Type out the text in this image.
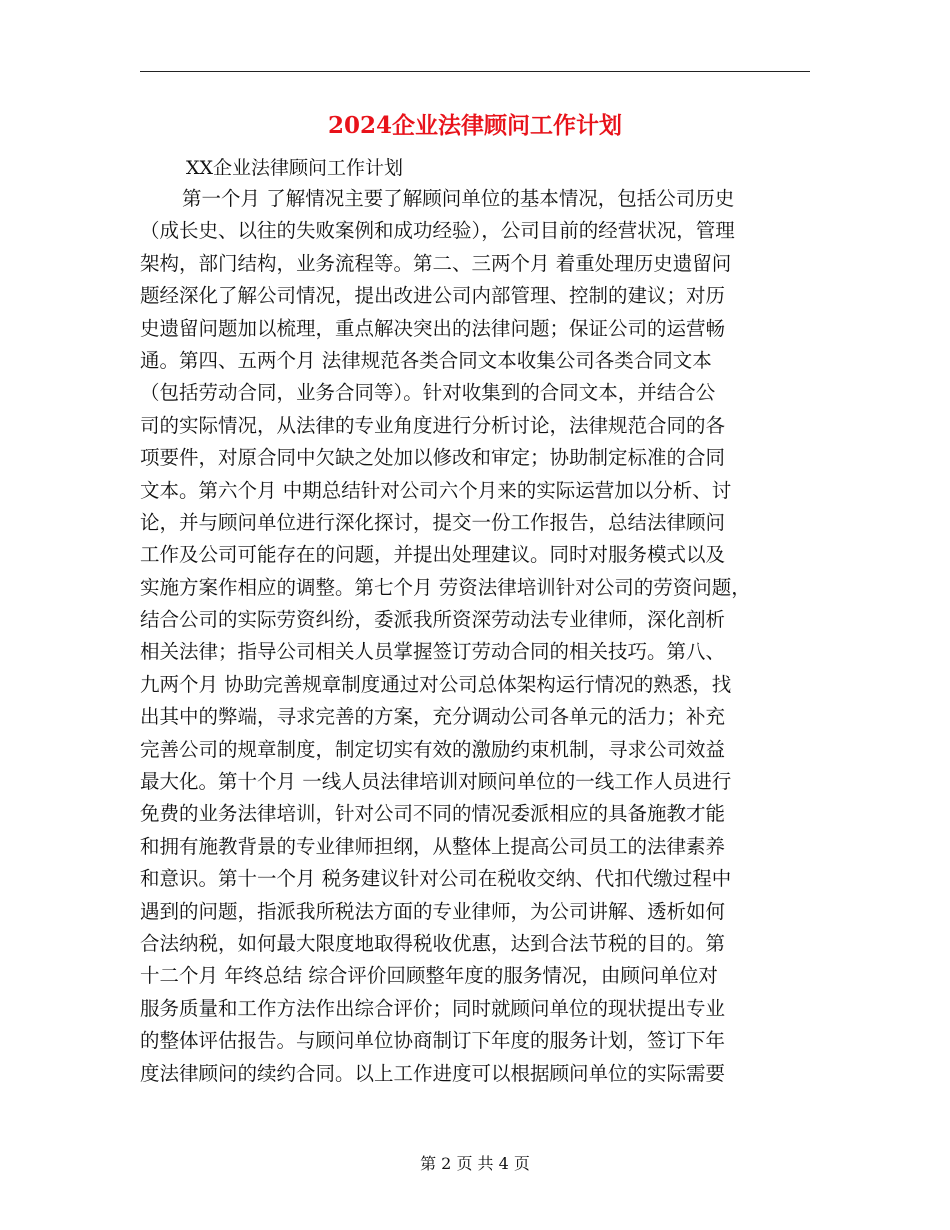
2024企业法律顾问工作计划
XX企业法律顾问工作计划
第一个月 了解情况主要了解顾问单位的基本情况，包括公司历史
（成长史、以往的失败案例和成功经验），公司目前的经营状况，管理
架构，部门结构，业务流程等。第二、三两个月 着重处理历史遗留问
题经深化了解公司情况，提出改进公司内部管理、控制的建议；对历
史遗留问题加以梳理，重点解决突出的法律问题；保证公司的运营畅
通。第四、五两个月 法律规范各类合同文本收集公司各类合同文本
（包括劳动合同，业务合同等）。针对收集到的合同文本，并结合公
司的实际情况，从法律的专业角度进行分析讨论，法律规范合同的各
项要件，对原合同中欠缺之处加以修改和审定；协助制定标准的合同
文本。第六个月 中期总结针对公司六个月来的实际运营加以分析、讨
论，并与顾问单位进行深化探讨，提交一份工作报告，总结法律顾问
工作及公司可能存在的问题，并提出处理建议。同时对服务模式以及
实施方案作相应的调整。第七个月 劳资法律培训针对公司的劳资问题，
结合公司的实际劳资纠纷，委派我所资深劳动法专业律师，深化剖析
相关法律；指导公司相关人员掌握签订劳动合同的相关技巧。第八、
九两个月 协助完善规章制度通过对公司总体架构运行情况的熟悉，找
出其中的弊端，寻求完善的方案，充分调动公司各单元的活力；补充
完善公司的规章制度，制定切实有效的激励约束机制，寻求公司效益
最大化。第十个月 一线人员法律培训对顾问单位的一线工作人员进行
免费的业务法律培训，针对公司不同的情况委派相应的具备施教才能
和拥有施教背景的专业律师担纲，从整体上提高公司员工的法律素养
和意识。第十一个月 税务建议针对公司在税收交纳、代扣代缴过程中
遇到的问题，指派我所税法方面的专业律师，为公司讲解、透析如何
合法纳税，如何最大限度地取得税收优惠，达到合法节税的目的。第
十二个月 年终总结 综合评价回顾整年度的服务情况，由顾问单位对
服务质量和工作方法作出综合评价；同时就顾问单位的现状提出专业
的整体评估报告。与顾问单位协商制订下年度的服务计划，签订下年
度法律顾问的续约合同。以上工作进度可以根据顾问单位的实际需要
第 2 页 共 4 页
